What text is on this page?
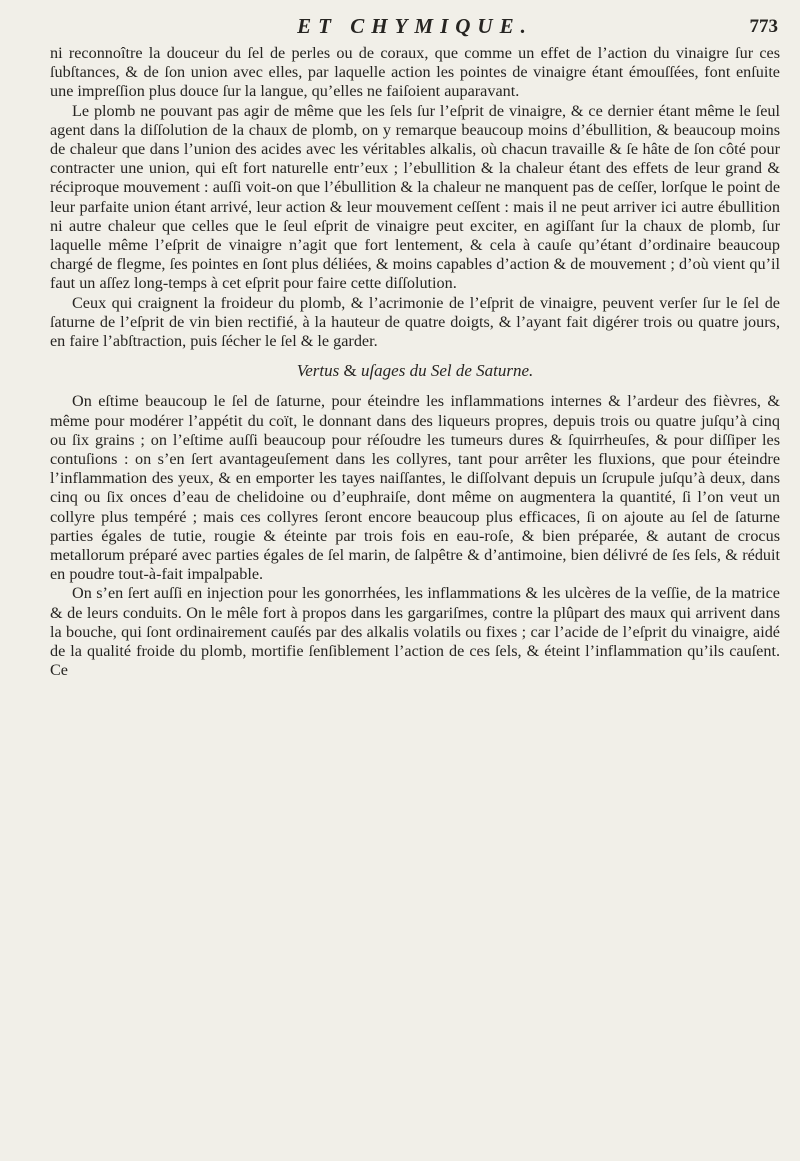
ET CHYMIQUE.	773

ni reconnoître la douceur du ſel de perles ou de coraux, que comme un effet de l’action du vinaigre ſur ces ſubſtances, & de ſon union avec elles, par laquelle action les pointes de vinaigre étant émouſſées, font enſuite une impreſſion plus douce ſur la langue, qu’elles ne faiſoient auparavant.

Le plomb ne pouvant pas agir de même que les ſels ſur l’eſprit de vinaigre, & ce dernier étant même le ſeul agent dans la diſſolution de la chaux de plomb, on y remarque beaucoup moins d’ébullition, & beaucoup moins de chaleur que dans l’union des acides avec les véritables alkalis, où chacun travaille & ſe hâte de ſon côté pour contracter une union, qui eſt fort naturelle entr’eux ; l’ebullition & la chaleur étant des effets de leur grand & réciproque mouvement : auſſi voit-on que l’ébullition & la chaleur ne manquent pas de ceſſer, lorſque le point de leur parfaite union étant arrivé, leur action & leur mouvement ceſſent : mais il ne peut arriver ici autre ébullition ni autre chaleur que celles que le ſeul eſprit de vinaigre peut exciter, en agiſſant ſur la chaux de plomb, ſur laquelle même l’eſprit de vinaigre n’agit que fort lentement, & cela à cauſe qu’étant d’ordinaire beaucoup chargé de flegme, ſes pointes en ſont plus déliées, & moins capables d’action & de mouvement ; d’où vient qu’il faut un aſſez long-temps à cet eſprit pour faire cette diſſolution.

Ceux qui craignent la froideur du plomb, & l’acrimonie de l’eſprit de vinaigre, peuvent verſer ſur le ſel de ſaturne de l’eſprit de vin bien rectifié, à la hauteur de quatre doigts, & l’ayant fait digérer trois ou quatre jours, en faire l’abſtraction, puis ſécher le ſel & le garder.

Vertus & uſages du Sel de Saturne.

On eſtime beaucoup le ſel de ſaturne, pour éteindre les inflammations internes & l’ardeur des fièvres, & même pour modérer l’appétit du coït, le donnant dans des liqueurs propres, depuis trois ou quatre juſqu’à cinq ou ſix grains ; on l’eſtime auſſi beaucoup pour réſoudre les tumeurs dures & ſquirrheuſes, & pour diſſiper les contuſions : on s’en ſert avantageuſement dans les collyres, tant pour arrêter les fluxions, que pour éteindre l’inflammation des yeux, & en emporter les tayes naiſſantes, le diſſolvant depuis un ſcrupule juſqu’à deux, dans cinq ou ſix onces d’eau de chelidoine ou d’euphraiſe, dont même on augmentera la quantité, ſi l’on veut un collyre plus tempéré ; mais ces collyres ſeront encore beaucoup plus efficaces, ſi on ajoute au ſel de ſaturne parties égales de tutie, rougie & éteinte par trois fois en eau-roſe, & bien préparée, & autant de crocus metallorum préparé avec parties égales de ſel marin, de ſalpêtre & d’antimoine, bien délivré de ſes ſels, & réduit en poudre tout-à-fait impalpable.

On s’en ſert auſſi en injection pour les gonorrhées, les inflammations & les ulcères de la veſſie, de la matrice & de leurs conduits. On le mêle fort à propos dans les gargariſmes, contre la plûpart des maux qui arrivent dans la bouche, qui ſont ordinairement cauſés par des alkalis volatils ou fixes ; car l’acide de l’eſprit du vinaigre, aidé de la qualité froide du plomb, mortifie ſenſiblement l’action de ces ſels, & éteint l’inflammation qu’ils cauſent. Ce
